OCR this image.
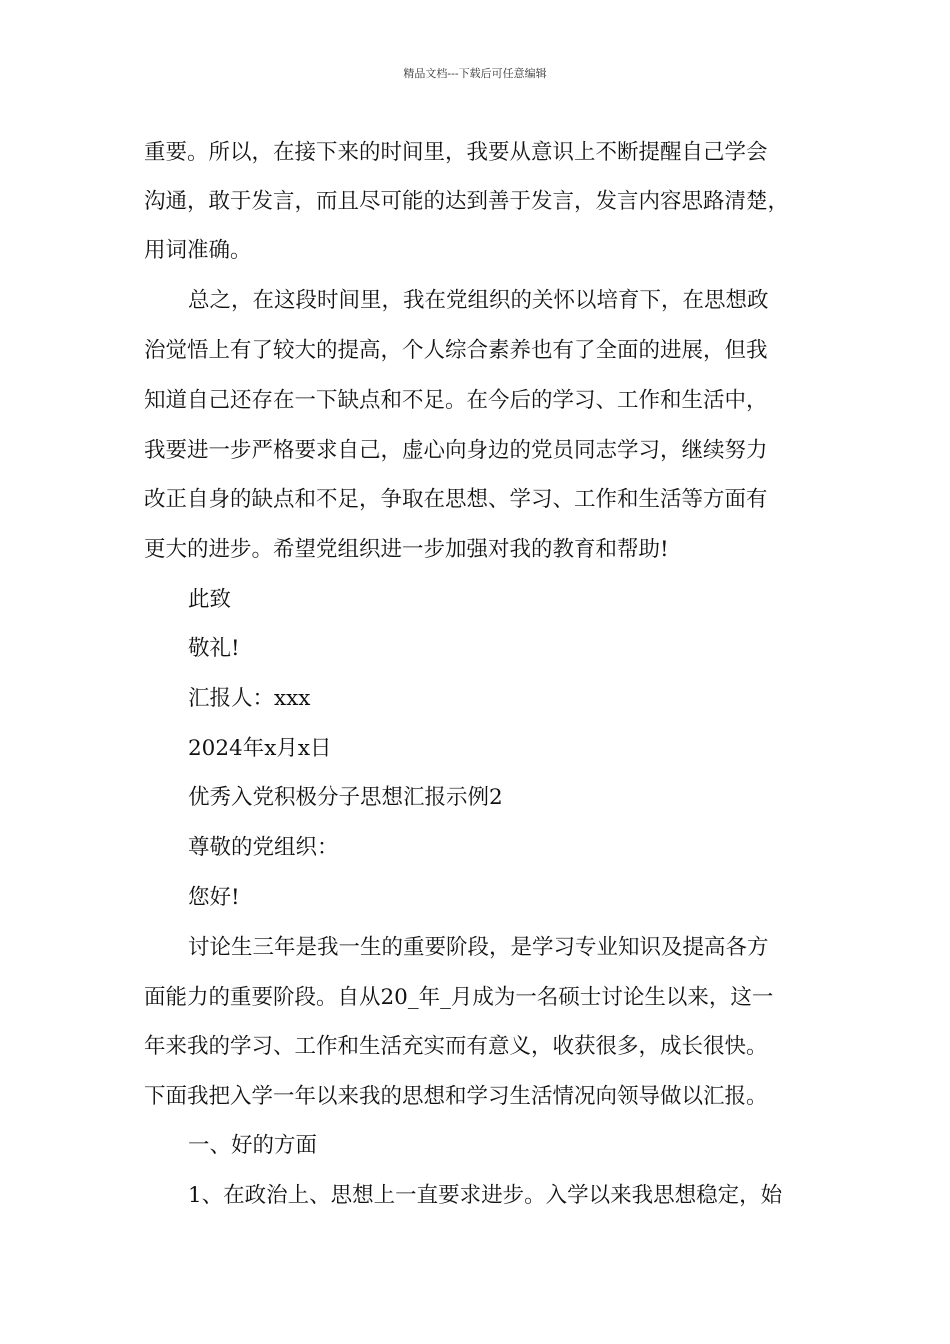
精品文档---下载后可任意编辑
重要。所以，在接下来的时间里，我要从意识上不断提醒自己学会
沟通，敢于发言，而且尽可能的达到善于发言，发言内容思路清楚，
用词准确。
总之，在这段时间里，我在党组织的关怀以培育下，在思想政
治觉悟上有了较大的提高，个人综合素养也有了全面的进展，但我
知道自己还存在一下缺点和不足。在今后的学习、工作和生活中，
我要进一步严格要求自己，虚心向身边的党员同志学习，继续努力
改正自身的缺点和不足，争取在思想、学习、工作和生活等方面有
更大的进步。希望党组织进一步加强对我的教育和帮助!
此致
敬礼!
汇报人：xxx
2024年x月x日
优秀入党积极分子思想汇报示例2
尊敬的党组织：
您好!
讨论生三年是我一生的重要阶段，是学习专业知识及提高各方
面能力的重要阶段。自从20_年_月成为一名硕士讨论生以来，这一
年来我的学习、工作和生活充实而有意义，收获很多，成长很快。
下面我把入学一年以来我的思想和学习生活情况向领导做以汇报。
一、好的方面
1、在政治上、思想上一直要求进步。入学以来我思想稳定，始
